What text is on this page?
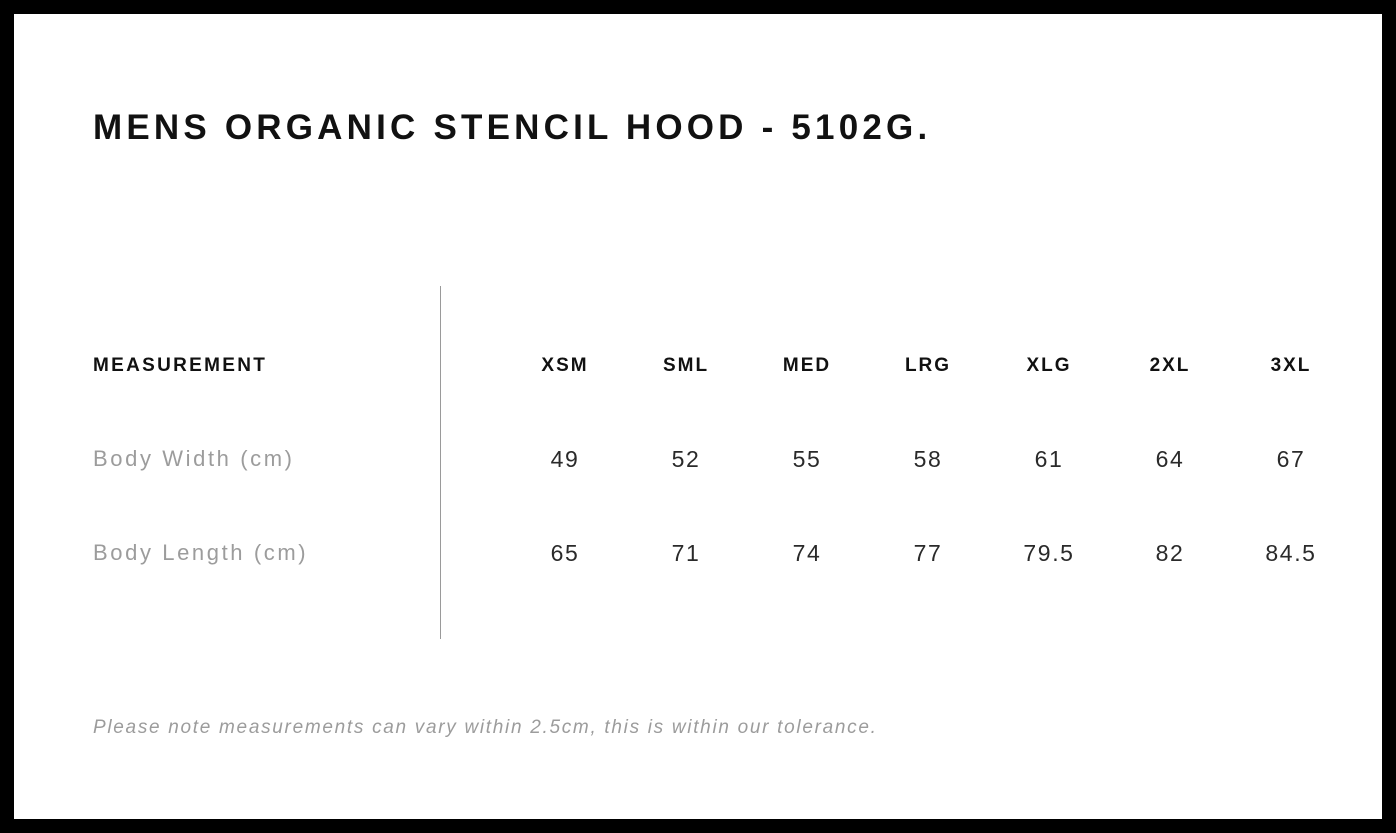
MENS ORGANIC STENCIL HOOD - 5102G.
MEASUREMENT	XSM	SML	MED	LRG	XLG	2XL	3XL
Body Width (cm)	49	52	55	58	61	64	67
Body Length (cm)	65	71	74	77	79.5	82	84.5
Please note measurements can vary within 2.5cm, this is within our tolerance.
